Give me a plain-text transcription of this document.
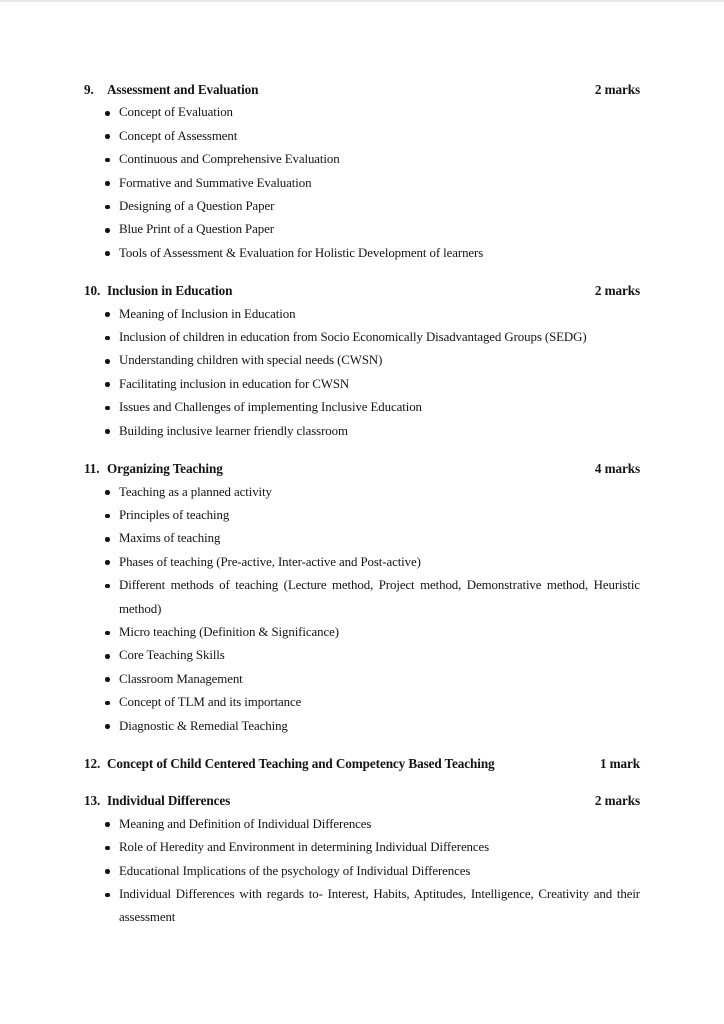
9.	Assessment and Evaluation	2 marks
Concept of Evaluation
Concept of Assessment
Continuous and Comprehensive Evaluation
Formative and Summative Evaluation
Designing of a Question Paper
Blue Print of a Question Paper
Tools of Assessment & Evaluation for Holistic Development of learners
10. Inclusion in Education	2 marks
Meaning of Inclusion in Education
Inclusion of children in education from Socio Economically Disadvantaged Groups (SEDG)
Understanding children with special needs (CWSN)
Facilitating inclusion in education for CWSN
Issues and Challenges of implementing Inclusive Education
Building inclusive learner friendly classroom
11. Organizing Teaching	4 marks
Teaching as a planned activity
Principles of teaching
Maxims of teaching
Phases of teaching (Pre-active, Inter-active and Post-active)
Different methods of teaching (Lecture method, Project method, Demonstrative method, Heuristic method)
Micro teaching (Definition & Significance)
Core Teaching Skills
Classroom Management
Concept of TLM and its importance
Diagnostic & Remedial Teaching
12. Concept of Child Centered Teaching and Competency Based Teaching	1 mark
13. Individual Differences	2 marks
Meaning and Definition of Individual Differences
Role of Heredity and Environment in determining Individual Differences
Educational Implications of the psychology of Individual Differences
Individual Differences with regards to- Interest, Habits, Aptitudes, Intelligence, Creativity and their assessment
